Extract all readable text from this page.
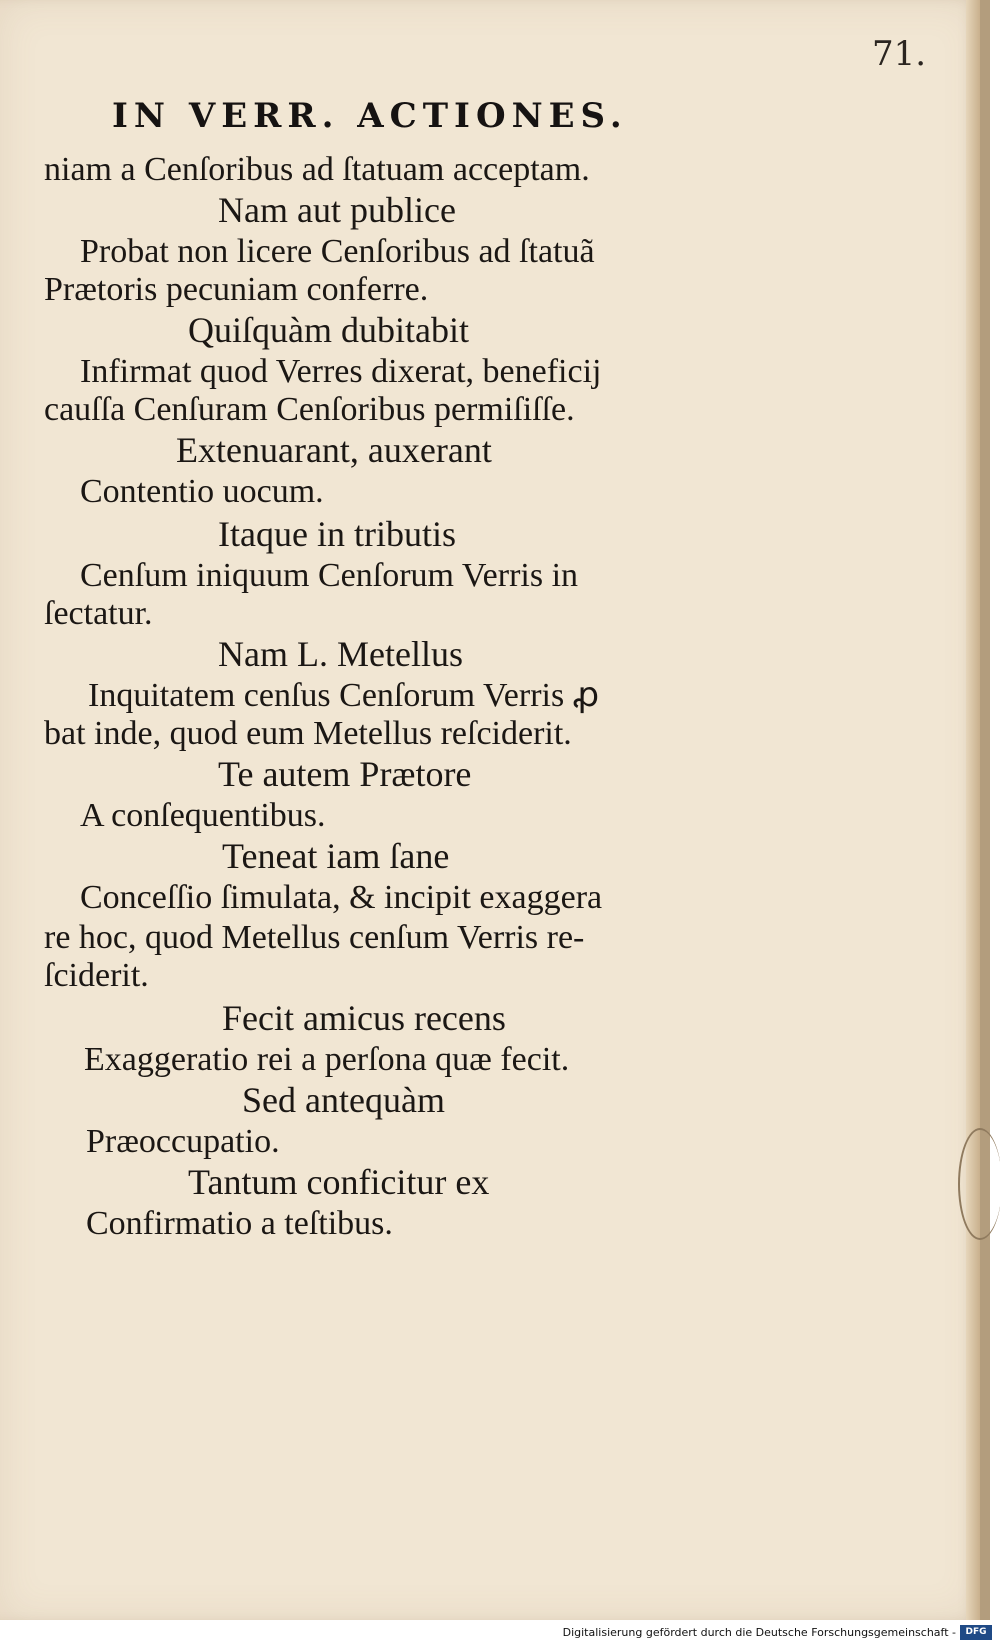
71.
IN VERR. ACTIONES.
niam a Cenſoribus ad ſtatuam acceptam.
Nam aut publice
Probat non licere Cenſoribus ad ſtatuã
Prætoris pecuniam conferre.
Quiſquàm dubitabit
Infirmat quod Verres dixerat, beneficij
cauſſa Cenſuram Cenſoribus permiſiſſe.
Extenuarant, auxerant
Contentio uocum.
Itaque in tributis
Cenſum iniquum Cenſorum Verris in
ſectatur.
Nam L. Metellus
Inquitatem cenſus Cenſorum Verris ꝓ
bat inde, quod eum Metellus reſciderit.
Te autem Prætore
A conſequentibus.
Teneat iam ſane
Conceſſio ſimulata, & incipit exaggera
re hoc, quod Metellus cenſum Verris re-
ſciderit.
Fecit amicus recens
Exaggeratio rei a perſona quæ fecit.
Sed antequàm
Præoccupatio.
Tantum conficitur ex
Confirmatio a teſtibus.
Digitalisierung gefördert durch die Deutsche Forschungsgemeinschaft -	DFG
